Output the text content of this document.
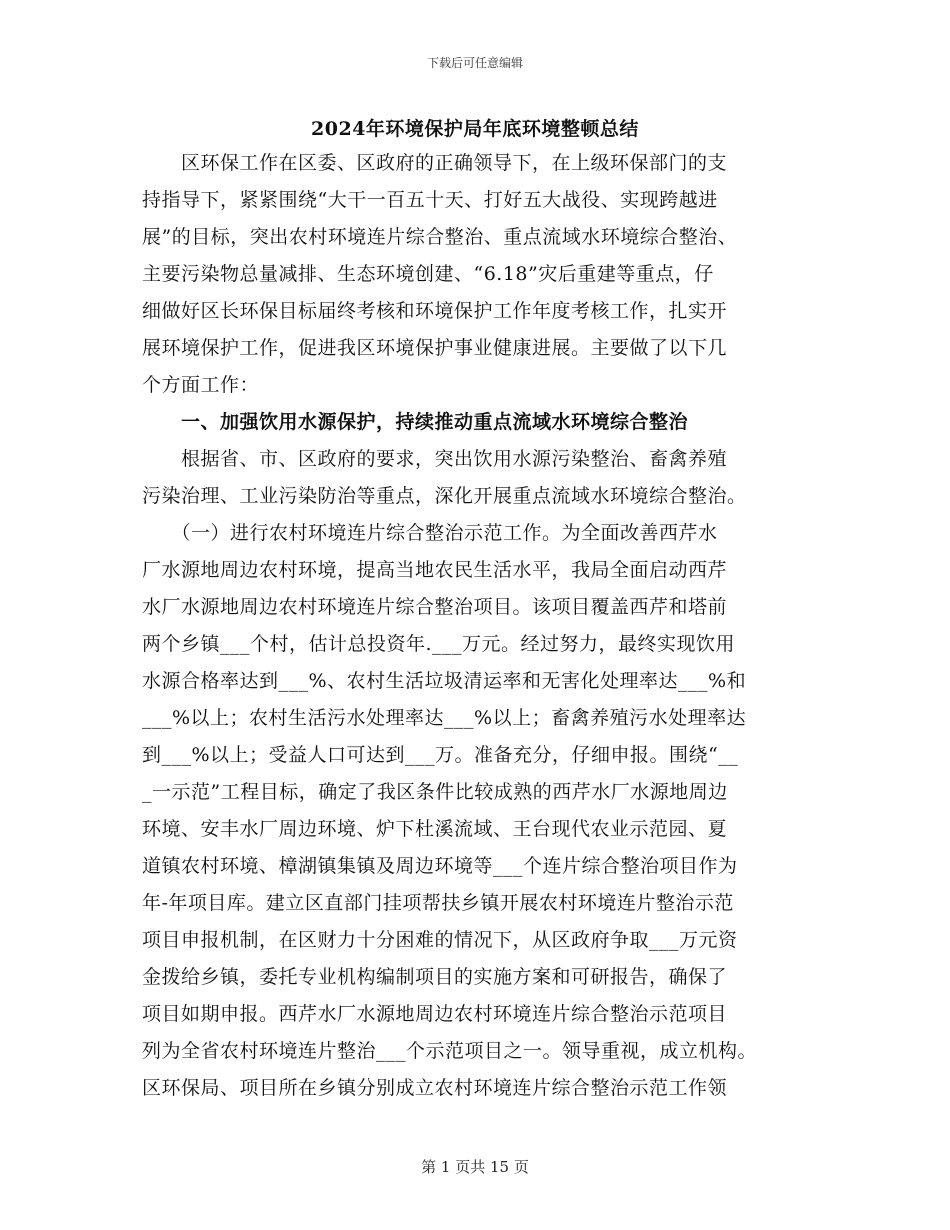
下载后可任意编辑
2024年环境保护局年底环境整顿总结
　　区环保工作在区委、区政府的正确领导下，在上级环保部门的支
持指导下，紧紧围绕“大干一百五十天、打好五大战役、实现跨越进
展”的目标，突出农村环境连片综合整治、重点流域水环境综合整治、
主要污染物总量减排、生态环境创建、“6.18”灾后重建等重点，仔
细做好区长环保目标届终考核和环境保护工作年度考核工作，扎实开
展环境保护工作，促进我区环境保护事业健康进展。主要做了以下几
个方面工作：
　　一、加强饮用水源保护，持续推动重点流域水环境综合整治
　　根据省、市、区政府的要求，突出饮用水源污染整治、畜禽养殖
污染治理、工业污染防治等重点，深化开展重点流域水环境综合整治。
　　（一）进行农村环境连片综合整治示范工作。为全面改善西芹水
厂水源地周边农村环境，提高当地农民生活水平，我局全面启动西芹
水厂水源地周边农村环境连片综合整治项目。该项目覆盖西芹和塔前
两个乡镇___个村，估计总投资年.___万元。经过努力，最终实现饮用
水源合格率达到___%、农村生活垃圾清运率和无害化处理率达___%和
___%以上；农村生活污水处理率达___%以上；畜禽养殖污水处理率达
到___%以上；受益人口可达到___万。准备充分，仔细申报。围绕“__
_一示范”工程目标，确定了我区条件比较成熟的西芹水厂水源地周边
环境、安丰水厂周边环境、炉下杜溪流域、王台现代农业示范园、夏
道镇农村环境、樟湖镇集镇及周边环境等___个连片综合整治项目作为
年-年项目库。建立区直部门挂项帮扶乡镇开展农村环境连片整治示范
项目申报机制，在区财力十分困难的情况下，从区政府争取___万元资
金拨给乡镇，委托专业机构编制项目的实施方案和可研报告，确保了
项目如期申报。西芹水厂水源地周边农村环境连片综合整治示范项目
列为全省农村环境连片整治___个示范项目之一。领导重视，成立机构。
区环保局、项目所在乡镇分别成立农村环境连片综合整治示范工作领
第 1 页共 15 页
